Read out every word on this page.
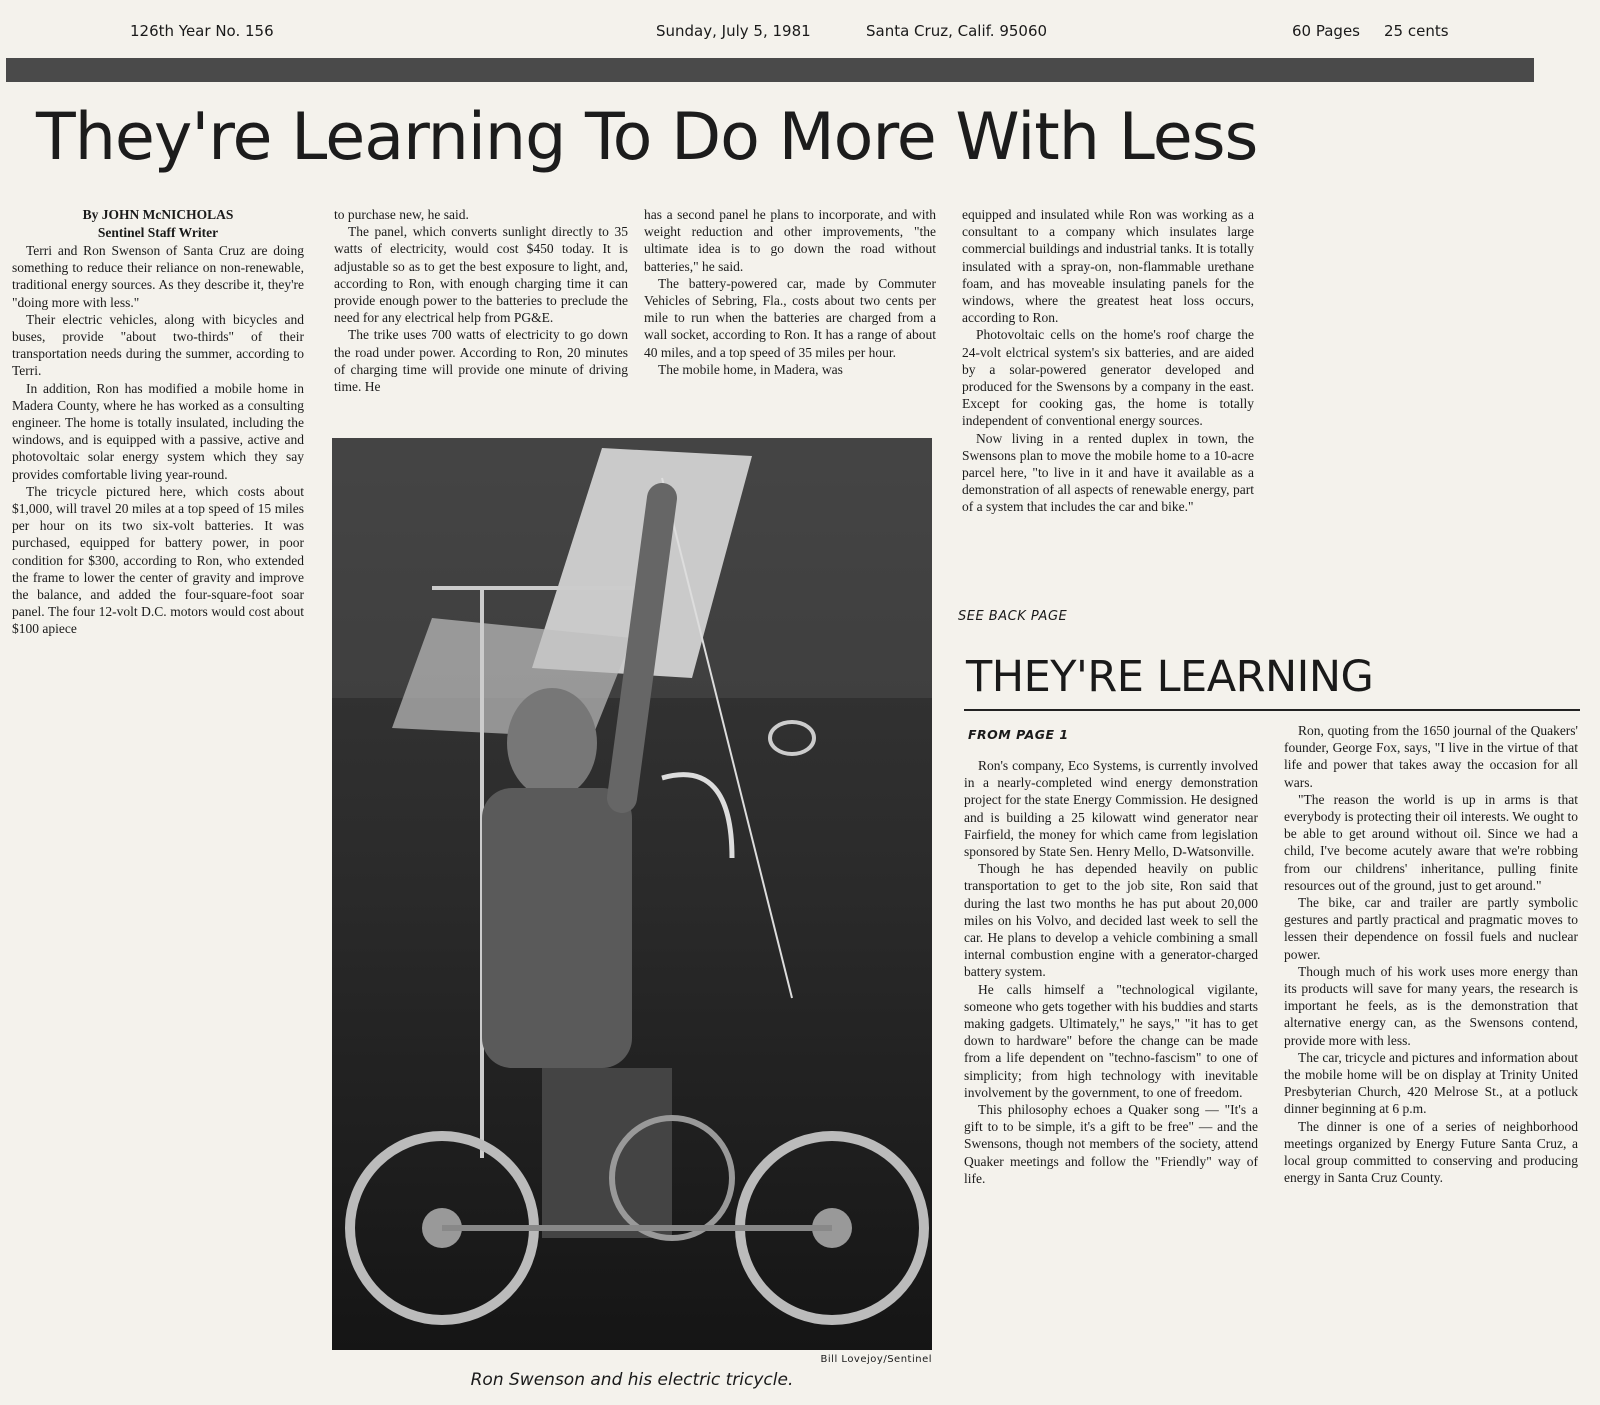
126th Year No. 156	Sunday, July 5, 1981	Santa Cruz, Calif. 95060	60 Pages 25 cents
They're Learning To Do More With Less
By JOHN McNICHOLAS
Sentinel Staff Writer

Terri and Ron Swenson of Santa Cruz are doing something to reduce their reliance on non-renewable, traditional energy sources. As they describe it, they're "doing more with less."

Their electric vehicles, along with bicycles and buses, provide "about two-thirds" of their transportation needs during the summer, according to Terri.

In addition, Ron has modified a mobile home in Madera County, where he has worked as a consulting engineer. The home is totally insulated, including the windows, and is equipped with a passive, active and photovoltaic solar energy system which they say provides comfortable living year-round.

The tricycle pictured here, which costs about $1,000, will travel 20 miles at a top speed of 15 miles per hour on its two six-volt batteries. It was purchased, equipped for battery power, in poor condition for $300, according to Ron, who extended the frame to lower the center of gravity and improve the balance, and added the four-square-foot soar panel. The four 12-volt D.C. motors would cost about $100 apiece

to purchase new, he said.

The panel, which converts sunlight directly to 35 watts of electricity, would cost $450 today. It is adjustable so as to get the best exposure to light, and, according to Ron, with enough charging time it can provide enough power to the batteries to preclude the need for any electrical help from PG&E.

The trike uses 700 watts of electricity to go down the road under power. According to Ron, 20 minutes of charging time will provide one minute of driving time. He

has a second panel he plans to incorporate, and with weight reduction and other improvements, "the ultimate idea is to go down the road without batteries," he said.

The battery-powered car, made by Commuter Vehicles of Sebring, Fla., costs about two cents per mile to run when the batteries are charged from a wall socket, according to Ron. It has a range of about 40 miles, and a top speed of 35 miles per hour.

The mobile home, in Madera, was

equipped and insulated while Ron was working as a consultant to a company which insulates large commercial buildings and industrial tanks. It is totally insulated with a spray-on, non-flammable urethane foam, and has moveable insulating panels for the windows, where the greatest heat loss occurs, according to Ron.

Photovoltaic cells on the home's roof charge the 24-volt elctrical system's six batteries, and are aided by a solar-powered generator developed and produced for the Swensons by a company in the east. Except for cooking gas, the home is totally independent of conventional energy sources.

Now living in a rented duplex in town, the Swensons plan to move the mobile home to a 10-acre parcel here, "to live in it and have it available as a demonstration of all aspects of renewable energy, part of a system that includes the car and bike."

SEE BACK PAGE
Bill Lovejoy/Sentinel
Ron Swenson and his electric tricycle.
THEY'RE LEARNING
FROM PAGE 1

Ron's company, Eco Systems, is currently involved in a nearly-completed wind energy demonstration project for the state Energy Commission. He designed and is building a 25 kilowatt wind generator near Fairfield, the money for which came from legislation sponsored by State Sen. Henry Mello, D-Watsonville.

Though he has depended heavily on public transportation to get to the job site, Ron said that during the last two months he has put about 20,000 miles on his Volvo, and decided last week to sell the car. He plans to develop a vehicle combining a small internal combustion engine with a generator-charged battery system.

He calls himself a "technological vigilante, someone who gets together with his buddies and starts making gadgets. Ultimately," he says," "it has to get down to hardware" before the change can be made from a life dependent on "techno-fascism" to one of simplicity; from high technology with inevitable involvement by the government, to one of freedom.

This philosophy echoes a Quaker song — "It's a gift to to be simple, it's a gift to be free" — and the Swensons, though not members of the society, attend Quaker meetings and follow the "Friendly" way of life.

Ron, quoting from the 1650 journal of the Quakers' founder, George Fox, says, "I live in the virtue of that life and power that takes away the occasion for all wars.

"The reason the world is up in arms is that everybody is protecting their oil interests. We ought to be able to get around without oil. Since we had a child, I've become acutely aware that we're robbing from our childrens' inheritance, pulling finite resources out of the ground, just to get around."

The bike, car and trailer are partly symbolic gestures and partly practical and pragmatic moves to lessen their dependence on fossil fuels and nuclear power.

Though much of his work uses more energy than its products will save for many years, the research is important he feels, as is the demonstration that alternative energy can, as the Swensons contend, provide more with less.

The car, tricycle and pictures and information about the mobile home will be on display at Trinity United Presbyterian Church, 420 Melrose St., at a potluck dinner beginning at 6 p.m.

The dinner is one of a series of neighborhood meetings organized by Energy Future Santa Cruz, a local group committed to conserving and producing energy in Santa Cruz County.
